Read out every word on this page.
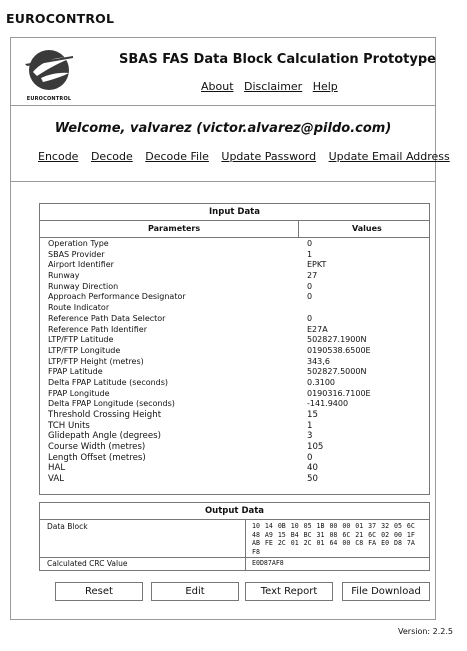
EUROCONTROL
EUROCONTROL
SBAS FAS Data Block Calculation Prototype
About Disclaimer Help
Welcome, valvarez (victor.alvarez@pildo.com)
Encode Decode Decode File Update Password Update Email Address
Input Data
Parameters	Values
Operation Type	0
SBAS Provider	1
Airport Identifier	EPKT
Runway	27
Runway Direction	0
Approach Performance Designator	0
Route Indicator
Reference Path Data Selector	0
Reference Path Identifier	E27A
LTP/FTP Latitude	502827.1900N
LTP/FTP Longitude	0190538.6500E
LTP/FTP Height (metres)	343,6
FPAP Latitude	502827.5000N
Delta FPAP Latitude (seconds)	0.3100
FPAP Longitude	0190316.7100E
Delta FPAP Longitude (seconds)	-141.9400
Threshold Crossing Height	15
TCH Units	1
Glidepath Angle (degrees)	3
Course Width (metres)	105
Length Offset (metres)	0
HAL	40
VAL	50
Output Data
Data Block	10 14 0B 10 05 1B 00 00 01 37 32 05 6C 48 A9 15 B4 BC 31 08 6C 21 6C 02 00 1F AB FE 2C 01 2C 01 64 00 C8 FA E0 D8 7A F8
Calculated CRC Value	E0D87AF8
Reset	Edit	Text Report	File Download
Version: 2.2.5
